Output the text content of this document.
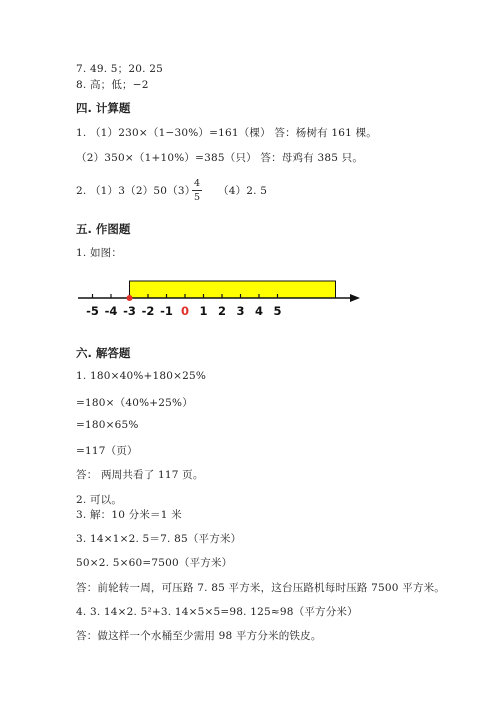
7. 49. 5；20. 25
8. 高；低；−2
四. 计算题
1. （1）230×（1−30%）=161（棵） 答：杨树有 161 棵。
（2）350×（1+10%）=385（只） 答：母鸡有 385 只。
2. （1）3（2）50（3）
4
5
（4）2. 5
五. 作图题
1. 如图：
-5 -4 -3 -2 -1 0 1 2 3 4 5
六. 解答题
1. 180×40%+180×25%
=180×（40%+25%）
=180×65%
=117（页）
答： 两周共看了 117 页。
2. 可以。
3. 解：10 分米＝1 米
3. 14×1×2. 5＝7. 85（平方米）
50×2. 5×60=7500（平方米）
答：前轮转一周，可压路 7. 85 平方米，这台压路机每时压路 7500 平方米。
4. 3. 14×2. 5²+3. 14×5×5=98. 125≈98（平方分米）
答：做这样一个水桶至少需用 98 平方分米的铁皮。
